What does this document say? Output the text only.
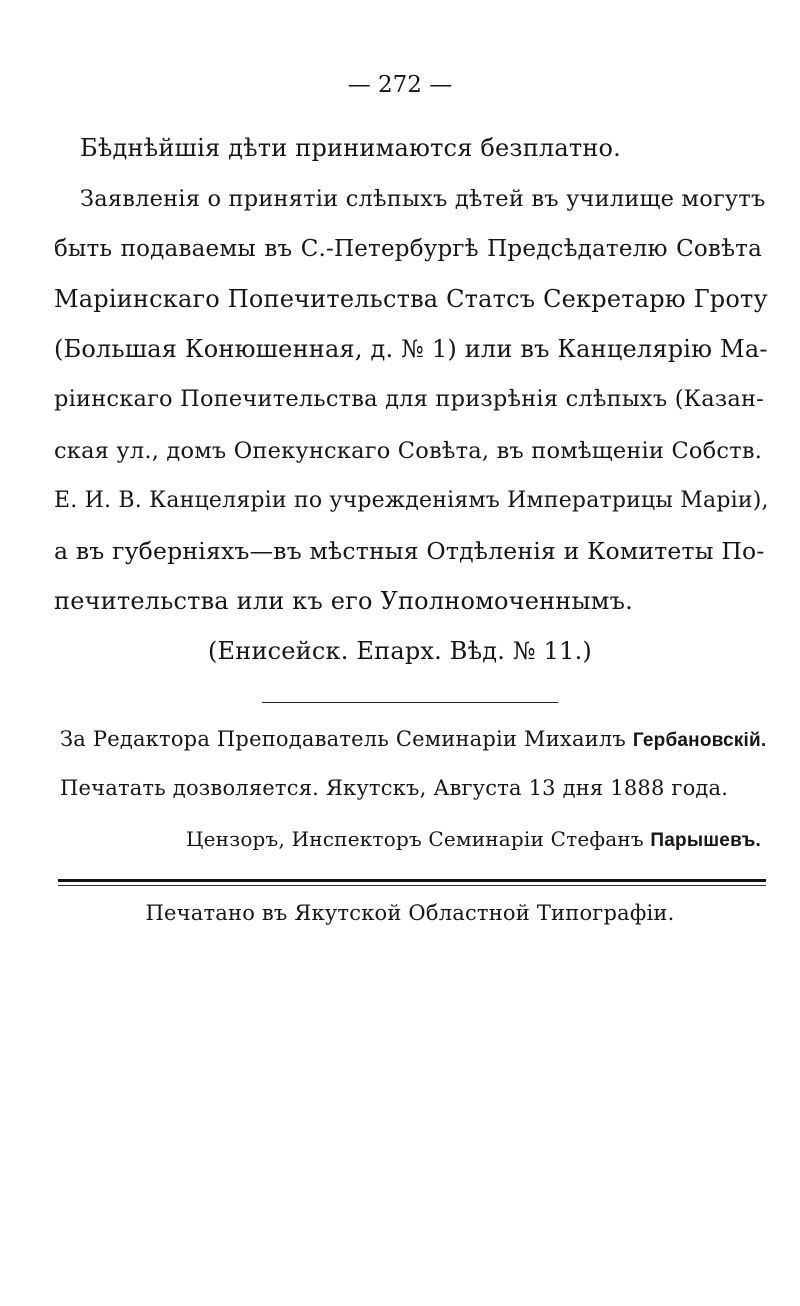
— 272 —
Бѣднѣйшія дѣти принимаются безплатно.
Заявленія о принятіи слѣпыхъ дѣтей въ училище могутъ
быть подаваемы въ С.-Петербургѣ Предсѣдателю Совѣта
Маріинскаго Попечительства Статсъ Секретарю Гроту
(Большая Конюшенная, д. № 1) или въ Канцелярію Ма-
ріинскаго Попечительства для призрѣнія слѣпыхъ (Казан-
ская ул., домъ Опекунскаго Совѣта, въ помѣщеніи Собств.
Е. И. В. Канцеляріи по учрежденіямъ Императрицы Маріи),
а въ губерніяхъ—въ мѣстныя Отдѣленія и Комитеты По-
печительства или къ его Уполномоченнымъ.
(Енисейск. Епарх. Вѣд. № 11.)
За Редактора Преподаватель Семинаріи Михаилъ Гербановскій.
Печатать дозволяется. Якутскъ, Августа 13 дня 1888 года.
Цензоръ, Инспекторъ Семинаріи Стефанъ Парышевъ.
Печатано въ Якутской Областной Типографіи.
